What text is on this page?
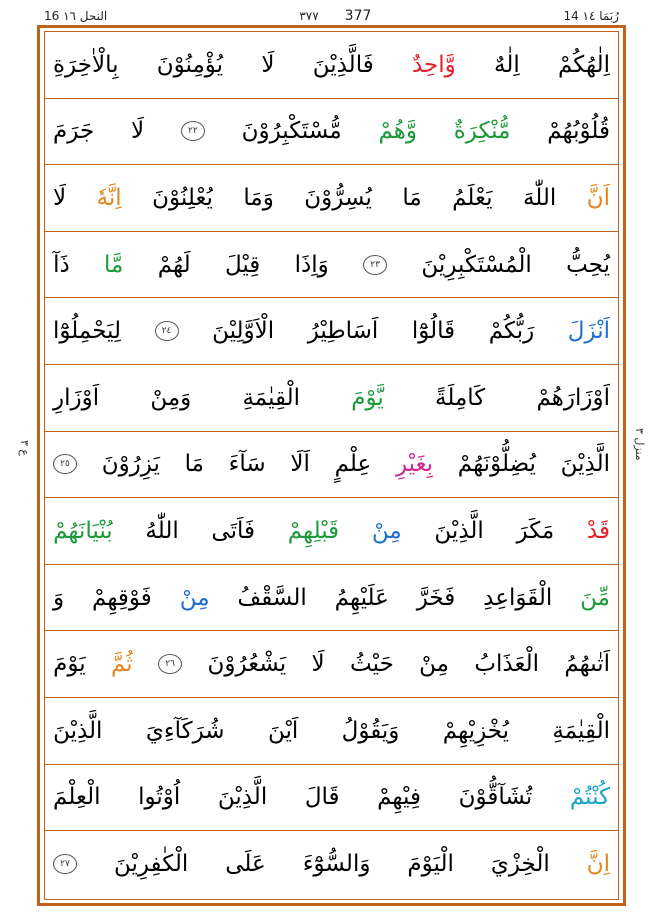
16 النحل ١٦	٣٧٧ 377	14 رُبَمَا ١٤
ع ٣
منزل ٣
اِلٰهُكُمْ
اِلٰهٌ
وَّاحِدٌ
فَالَّذِيْنَ
لَا
يُؤْمِنُوْنَ
بِالْاٰخِرَةِ
قُلُوْبُهُمْ
مُّنْكِرَةٌ
وَّهُمْ
مُّسْتَكْبِرُوْنَ
٢٢
لَا
جَرَمَ
اَنَّ
اللّٰهَ
يَعْلَمُ
مَا
يُسِرُّوْنَ
وَمَا
يُعْلِنُوْنَ
اِنَّهٗ
لَا
يُحِبُّ
الْمُسْتَكْبِرِيْنَ
٢٣
وَاِذَا
قِيْلَ
لَهُمْ
مَّا
ذَآ
اَنْزَلَ
رَبُّكُمْ
قَالُوْٓا
اَسَاطِيْرُ
الْاَوَّلِيْنَ
٢٤
لِيَحْمِلُوْٓا
اَوْزَارَهُمْ
كَامِلَةً
يَّوْمَ
الْقِيٰمَةِ
وَمِنْ
اَوْزَارِ
الَّذِيْنَ
يُضِلُّوْنَهُمْ
بِغَيْرِ
عِلْمٍ
اَلَا
سَآءَ
مَا
يَزِرُوْنَ
٢٥
قَدْ
مَكَرَ
الَّذِيْنَ
مِنْ
قَبْلِهِمْ
فَاَتَى
اللّٰهُ
بُنْيَانَهُمْ
مِّنَ
الْقَوَاعِدِ
فَخَرَّ
عَلَيْهِمُ
السَّقْفُ
مِنْ
فَوْقِهِمْ
وَ
اَتٰىهُمُ
الْعَذَابُ
مِنْ
حَيْثُ
لَا
يَشْعُرُوْنَ
٢٦
ثُمَّ
يَوْمَ
الْقِيٰمَةِ
يُخْزِيْهِمْ
وَيَقُوْلُ
اَيْنَ
شُرَكَآءِيَ
الَّذِيْنَ
كُنْتُمْ
تُشَآقُّوْنَ
فِيْهِمْ
قَالَ
الَّذِيْنَ
اُوْتُوا
الْعِلْمَ
اِنَّ
الْخِزْيَ
الْيَوْمَ
وَالسُّوْٓءَ
عَلَى
الْكٰفِرِيْنَ
٢٧
